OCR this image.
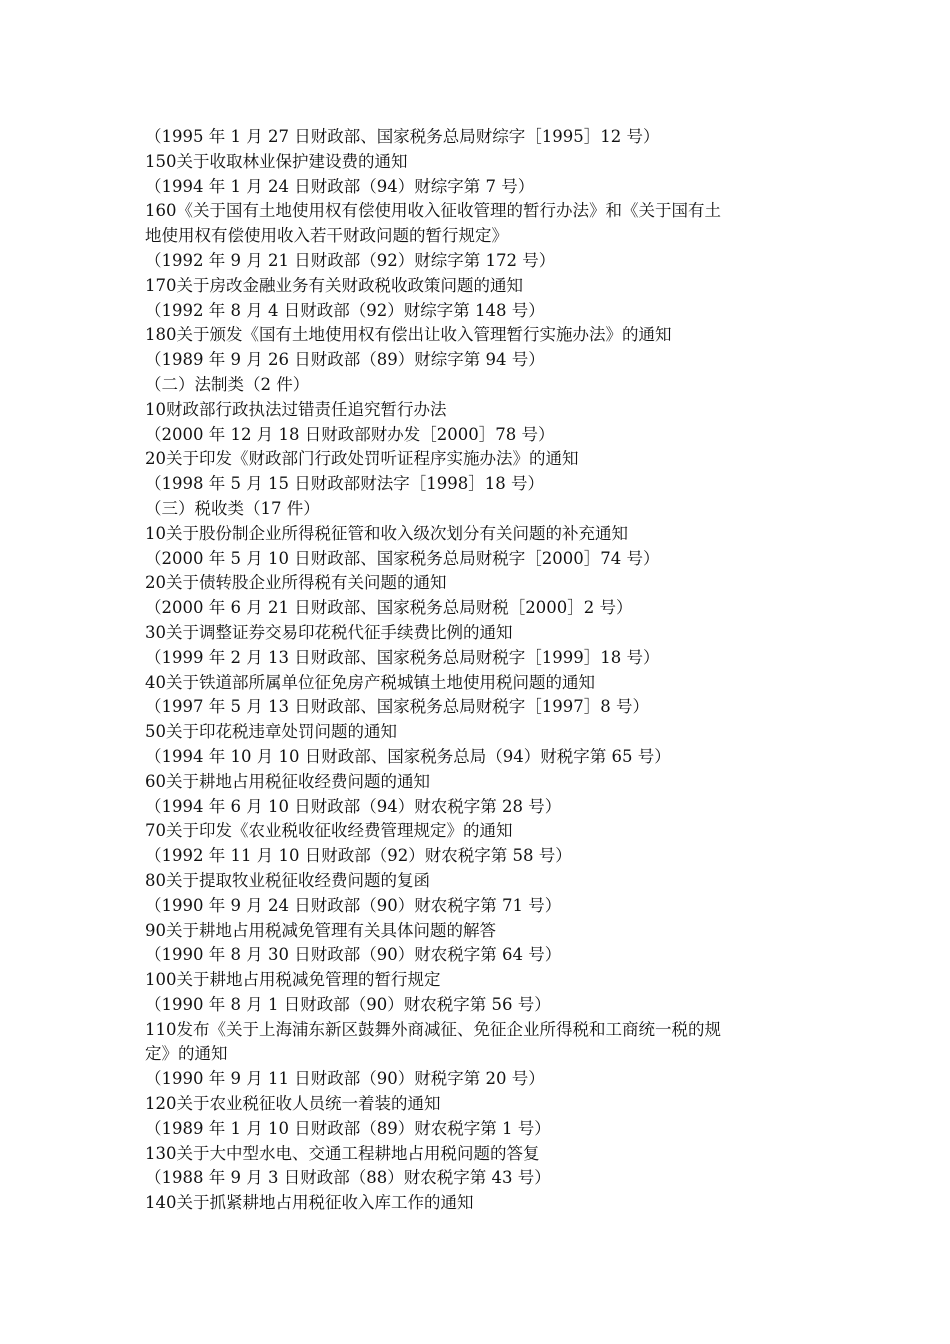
（1995 年 1 月 27 日财政部、国家税务总局财综字［1995］12 号）
150关于收取林业保护建设费的通知
（1994 年 1 月 24 日财政部（94）财综字第 7 号）
160《关于国有土地使用权有偿使用收入征收管理的暂行办法》和《关于国有土
地使用权有偿使用收入若干财政问题的暂行规定》
（1992 年 9 月 21 日财政部（92）财综字第 172 号）
170关于房改金融业务有关财政税收政策问题的通知
（1992 年 8 月 4 日财政部（92）财综字第 148 号）
180关于颁发《国有土地使用权有偿出让收入管理暂行实施办法》的通知
（1989 年 9 月 26 日财政部（89）财综字第 94 号）
（二）法制类（2 件）
10财政部行政执法过错责任追究暂行办法
（2000 年 12 月 18 日财政部财办发［2000］78 号）
20关于印发《财政部门行政处罚听证程序实施办法》的通知
（1998 年 5 月 15 日财政部财法字［1998］18 号）
（三）税收类（17 件）
10关于股份制企业所得税征管和收入级次划分有关问题的补充通知
（2000 年 5 月 10 日财政部、国家税务总局财税字［2000］74 号）
20关于债转股企业所得税有关问题的通知
（2000 年 6 月 21 日财政部、国家税务总局财税［2000］2 号）
30关于调整证券交易印花税代征手续费比例的通知
（1999 年 2 月 13 日财政部、国家税务总局财税字［1999］18 号）
40关于铁道部所属单位征免房产税城镇土地使用税问题的通知
（1997 年 5 月 13 日财政部、国家税务总局财税字［1997］8 号）
50关于印花税违章处罚问题的通知
（1994 年 10 月 10 日财政部、国家税务总局（94）财税字第 65 号）
60关于耕地占用税征收经费问题的通知
（1994 年 6 月 10 日财政部（94）财农税字第 28 号）
70关于印发《农业税收征收经费管理规定》的通知
（1992 年 11 月 10 日财政部（92）财农税字第 58 号）
80关于提取牧业税征收经费问题的复函
（1990 年 9 月 24 日财政部（90）财农税字第 71 号）
90关于耕地占用税减免管理有关具体问题的解答
（1990 年 8 月 30 日财政部（90）财农税字第 64 号）
100关于耕地占用税减免管理的暂行规定
（1990 年 8 月 1 日财政部（90）财农税字第 56 号）
110发布《关于上海浦东新区鼓舞外商减征、免征企业所得税和工商统一税的规
定》的通知
（1990 年 9 月 11 日财政部（90）财税字第 20 号）
120关于农业税征收人员统一着装的通知
（1989 年 1 月 10 日财政部（89）财农税字第 1 号）
130关于大中型水电、交通工程耕地占用税问题的答复
（1988 年 9 月 3 日财政部（88）财农税字第 43 号）
140关于抓紧耕地占用税征收入库工作的通知
